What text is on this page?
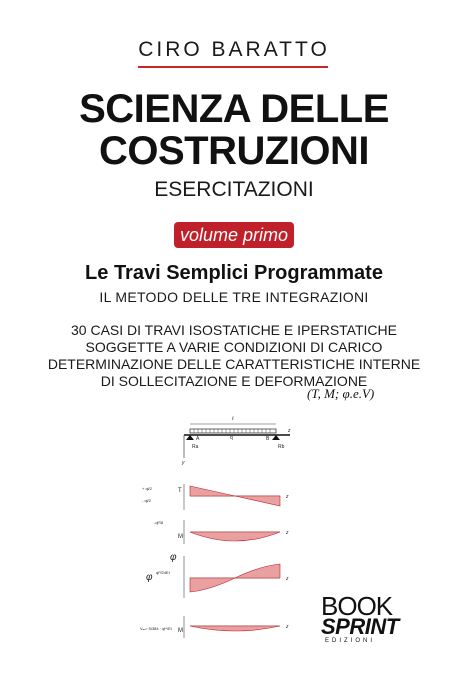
CIRO BARATTO
SCIENZA DELLE
COSTRUZIONI
ESERCITAZIONI
volume primo
Le Travi Semplici Programmate
IL METODO DELLE TRE INTEGRAZIONI
30 CASI DI TRAVI ISOSTATICHE E IPERSTATICHE
SOGGETTE A VARIE CONDIZIONI DI CARICO
DETERMINAZIONE DELLE CARATTERISTICHE INTERNE
DI SOLLECITAZIONE E DEFORMAZIONE
(T, M; φ.e.V)
ℓ
q
z
A	B
Ra	Rb
y
T
+ ql/2
- ql/2
z
-ql²/8
M
z
φ
φ ql³/24EI
z
Vₘ= 5/384 · ql⁴/EI M
z
BOOK
SPRINT
EDIZIONI
